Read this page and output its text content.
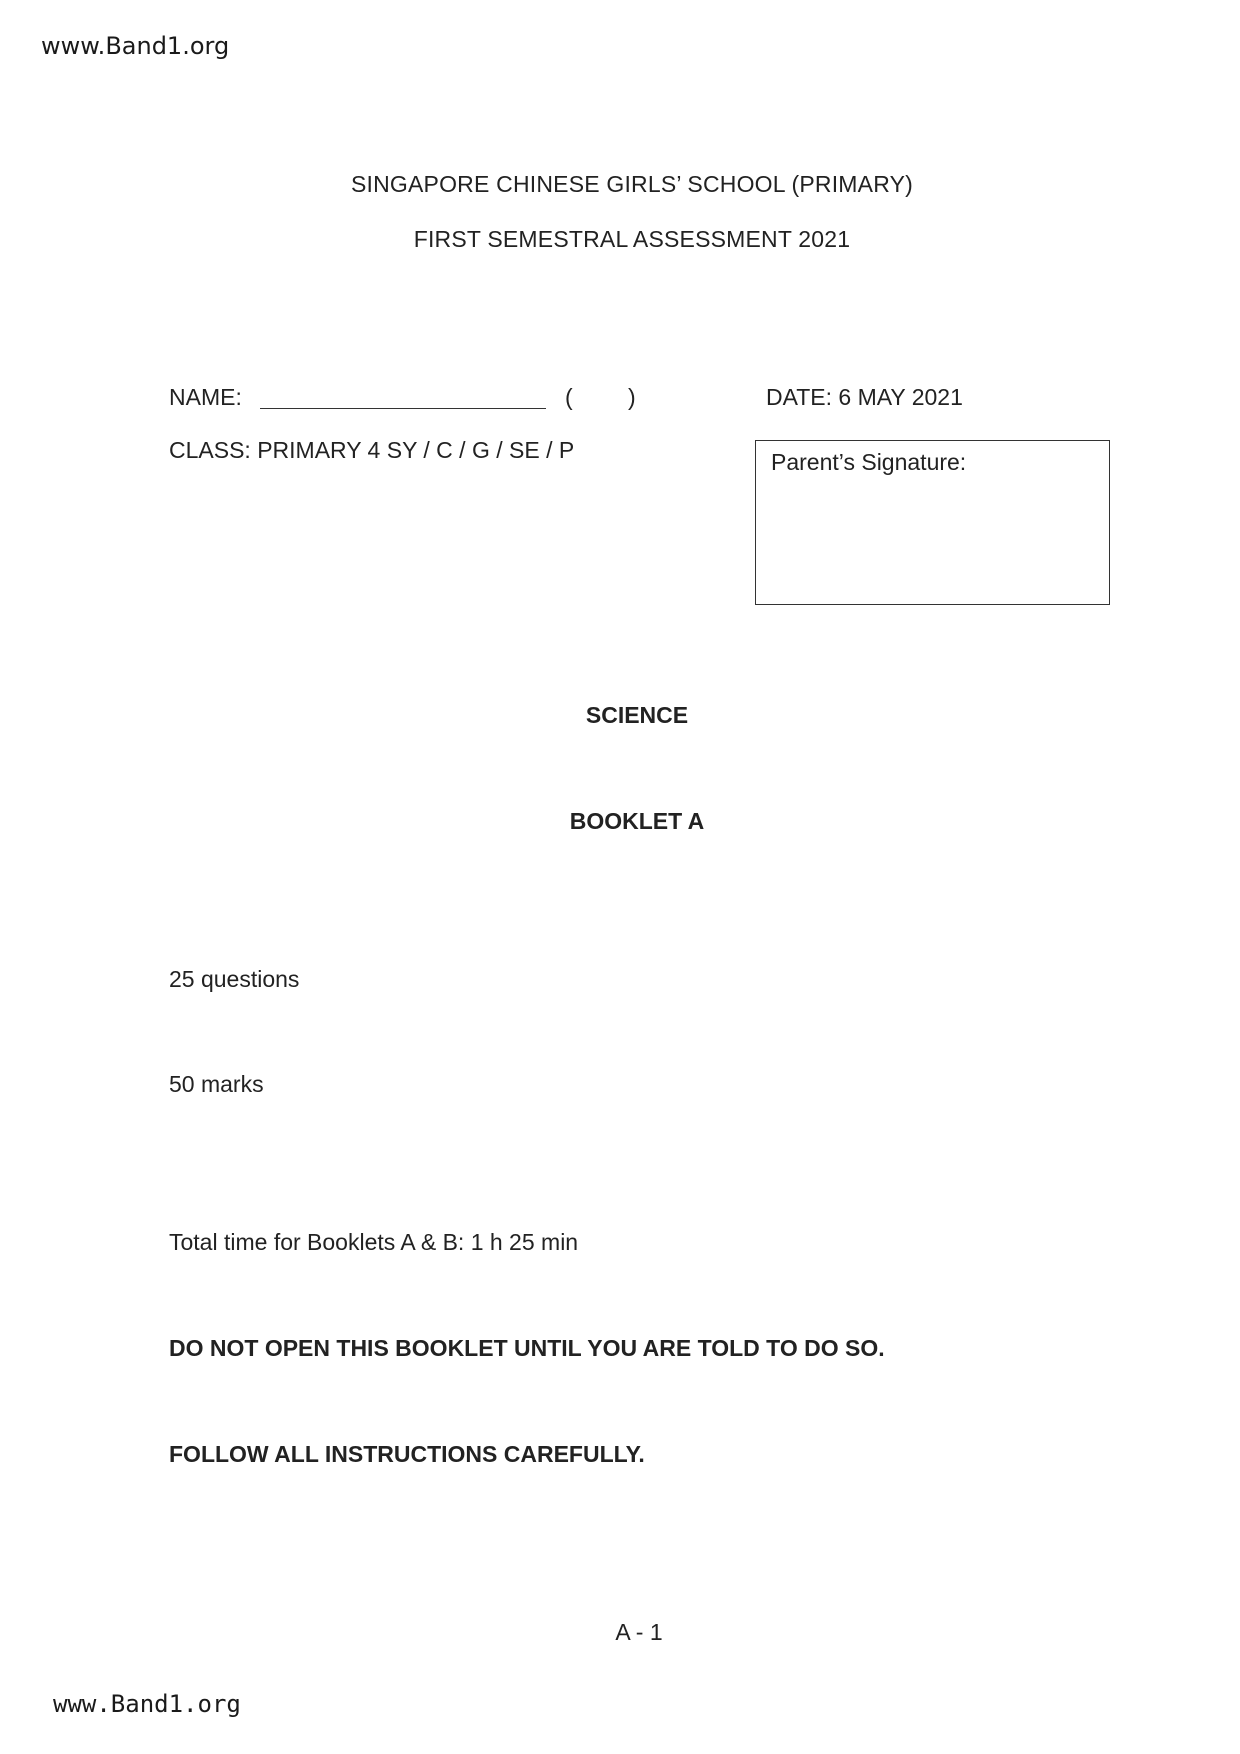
www.Band1.org
SINGAPORE CHINESE GIRLS’ SCHOOL (PRIMARY)
FIRST SEMESTRAL ASSESSMENT 2021
NAME:	( )	DATE: 6 MAY 2021
CLASS: PRIMARY 4 SY / C / G / SE / P	Parent’s Signature:
SCIENCE
BOOKLET A
25 questions
50 marks
Total time for Booklets A & B: 1 h 25 min
DO NOT OPEN THIS BOOKLET UNTIL YOU ARE TOLD TO DO SO.
FOLLOW ALL INSTRUCTIONS CAREFULLY.
A - 1
www.Band1.org
